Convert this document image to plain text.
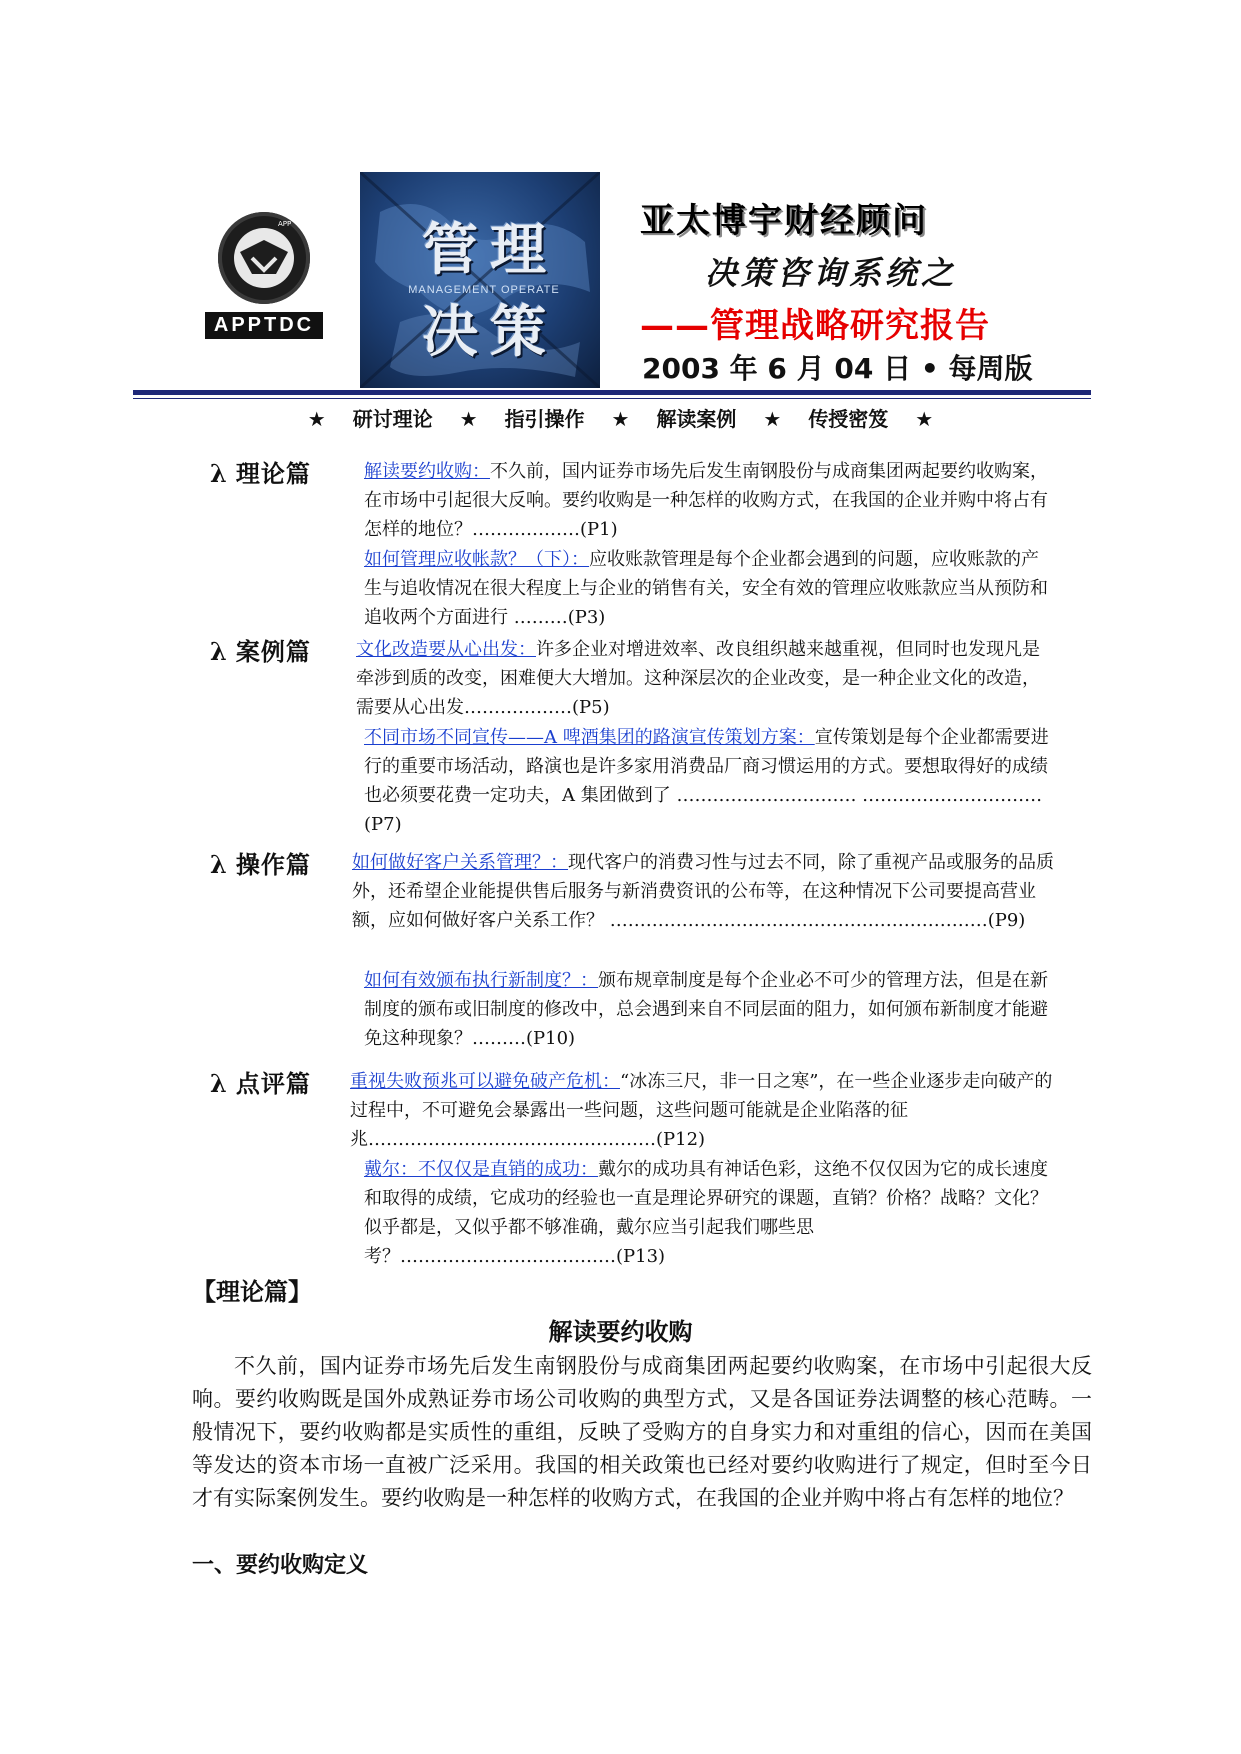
APP
APPTDC
管 理
MANAGEMENT OPERATE
决 策
亚太博宇财经顾问
决策咨询系统之
——管理战略研究报告
2003 年 6 月 04 日 • 每周版
★ 研讨理论 ★ 指引操作 ★ 解读案例 ★ 传授密笈 ★
λ 理论篇	解读要约收购：不久前，国内证券市场先后发生南钢股份与成商集团两起要约收购案，在市场中引起很大反响。要约收购是一种怎样的收购方式，在我国的企业并购中将占有怎样的地位？………………(P1)
如何管理应收帐款？（下）：应收账款管理是每个企业都会遇到的问题，应收账款的产生与追收情况在很大程度上与企业的销售有关，安全有效的管理应收账款应当从预防和追收两个方面进行 ………(P3)
λ 案例篇	文化改造要从心出发：许多企业对增进效率、改良组织越来越重视，但同时也发现凡是牵涉到质的改变，困难便大大增加。这种深层次的企业改变，是一种企业文化的改造，需要从心出发………………(P5)
不同市场不同宣传——A 啤酒集团的路演宣传策划方案：宣传策划是每个企业都需要进行的重要市场活动，路演也是许多家用消费品厂商习惯运用的方式。要想取得好的成绩也必须要花费一定功夫，A 集团做到了 ………………………… …………………………(P7)
λ 操作篇 如何做好客户关系管理？：现代客户的消费习性与过去不同，除了重视产品或服务的品质外，还希望企业能提供售后服务与新消费资讯的公布等，在这种情况下公司要提高营业额，应如何做好客户关系工作？ ………………………………………………………(P9)
如何有效颁布执行新制度？：颁布规章制度是每个企业必不可少的管理方法，但是在新制度的颁布或旧制度的修改中，总会遇到来自不同层面的阻力，如何颁布新制度才能避免这种现象？………(P10)
λ 点评篇 重视失败预兆可以避免破产危机：“冰冻三尺，非一日之寒”，在一些企业逐步走向破产的过程中，不可避免会暴露出一些问题，这些问题可能就是企业陷落的征兆…………………………………………(P12)
戴尔：不仅仅是直销的成功：戴尔的成功具有神话色彩，这绝不仅仅因为它的成长速度和取得的成绩，它成功的经验也一直是理论界研究的课题，直销？价格？战略？文化？似乎都是，又似乎都不够准确，戴尔应当引起我们哪些思考？………………………………(P13)
【理论篇】
解读要约收购
不久前，国内证券市场先后发生南钢股份与成商集团两起要约收购案，在市场中引起很大反响。要约收购既是国外成熟证券市场公司收购的典型方式，又是各国证券法调整的核心范畴。一般情况下，要约收购都是实质性的重组，反映了受购方的自身实力和对重组的信心，因而在美国等发达的资本市场一直被广泛采用。我国的相关政策也已经对要约收购进行了规定，但时至今日才有实际案例发生。要约收购是一种怎样的收购方式，在我国的企业并购中将占有怎样的地位？
一、要约收购定义
